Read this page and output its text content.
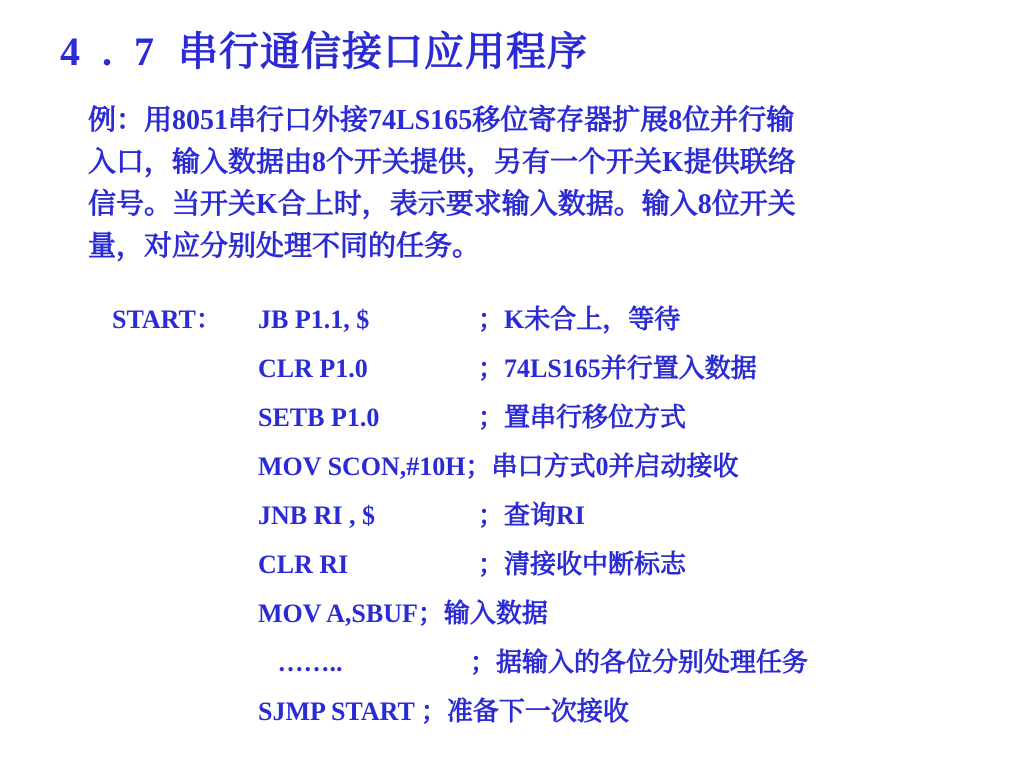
4 . 7 串行通信接口应用程序

例：用8051串行口外接74LS165移位寄存器扩展8位并行输

入口，输入数据由8个开关提供，另有一个开关K提供联络

信号。当开关K合上时，表示要求输入数据。输入8位开关

量，对应分别处理不同的任务。

START： JB P1.1, $	；K未合上，等待
CLR P1.0	；74LS165并行置入数据
SETB P1.0	；置串行移位方式
MOV SCON,#10H；串口方式0并启动接收
JNB RI , $	；查询RI
CLR RI	；清接收中断标志
MOV A,SBUF；输入数据
……..	；据输入的各位分别处理任务
SJMP START ；准备下一次接收
